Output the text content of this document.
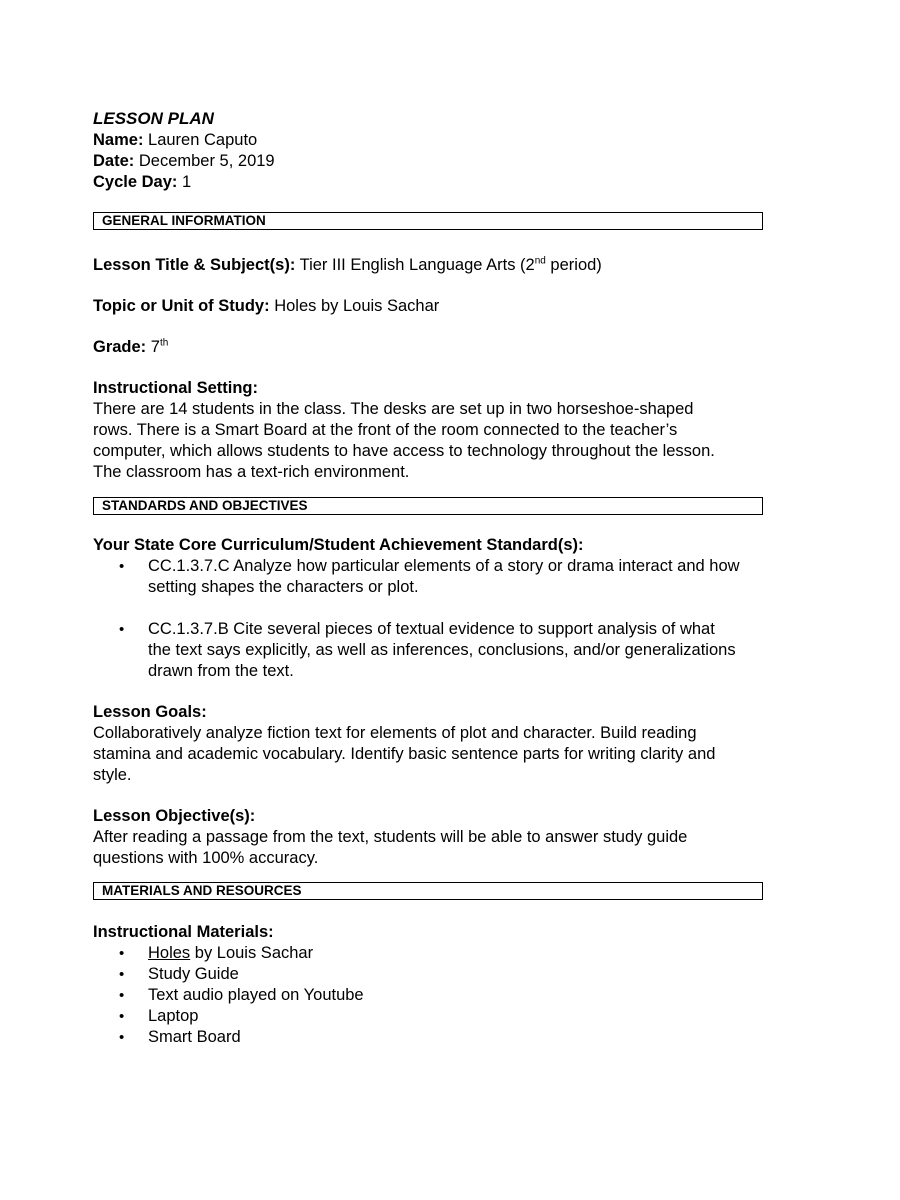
LESSON PLAN
Name: Lauren Caputo
Date: December 5, 2019
Cycle Day: 1
GENERAL INFORMATION
Lesson Title & Subject(s): Tier III English Language Arts (2nd period)
Topic or Unit of Study: Holes by Louis Sachar
Grade: 7th
Instructional Setting:
There are 14 students in the class. The desks are set up in two horseshoe-shaped
rows. There is a Smart Board at the front of the room connected to the teacher’s
computer, which allows students to have access to technology throughout the lesson.
The classroom has a text-rich environment.
STANDARDS AND OBJECTIVES
Your State Core Curriculum/Student Achievement Standard(s):
• CC.1.3.7.C Analyze how particular elements of a story or drama interact and how
setting shapes the characters or plot.
• CC.1.3.7.B Cite several pieces of textual evidence to support analysis of what
the text says explicitly, as well as inferences, conclusions, and/or generalizations
drawn from the text.
Lesson Goals:
Collaboratively analyze fiction text for elements of plot and character. Build reading
stamina and academic vocabulary. Identify basic sentence parts for writing clarity and
style.
Lesson Objective(s):
After reading a passage from the text, students will be able to answer study guide
questions with 100% accuracy.
MATERIALS AND RESOURCES
Instructional Materials:
• Holes by Louis Sachar
• Study Guide
• Text audio played on Youtube
• Laptop
• Smart Board
